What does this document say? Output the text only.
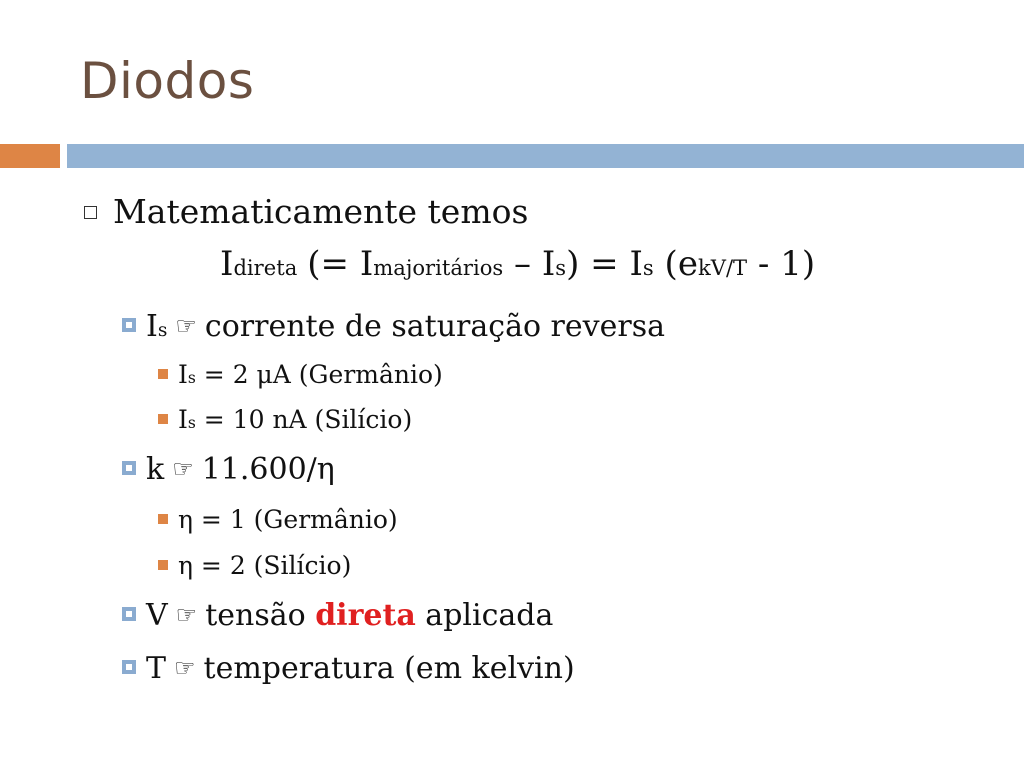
Diodos
Matematicamente temos
I direta (= I majoritários – I s ) = I s (e kV/T - 1)
I s ☞ corrente de saturação reversa
I s = 2 μA (Germânio)
I s = 10 nA (Silício)
k ☞ 11.600/η
η = 1 (Germânio)
η = 2 (Silício)
V ☞ tensão direta aplicada
T ☞ temperatura (em kelvin)
